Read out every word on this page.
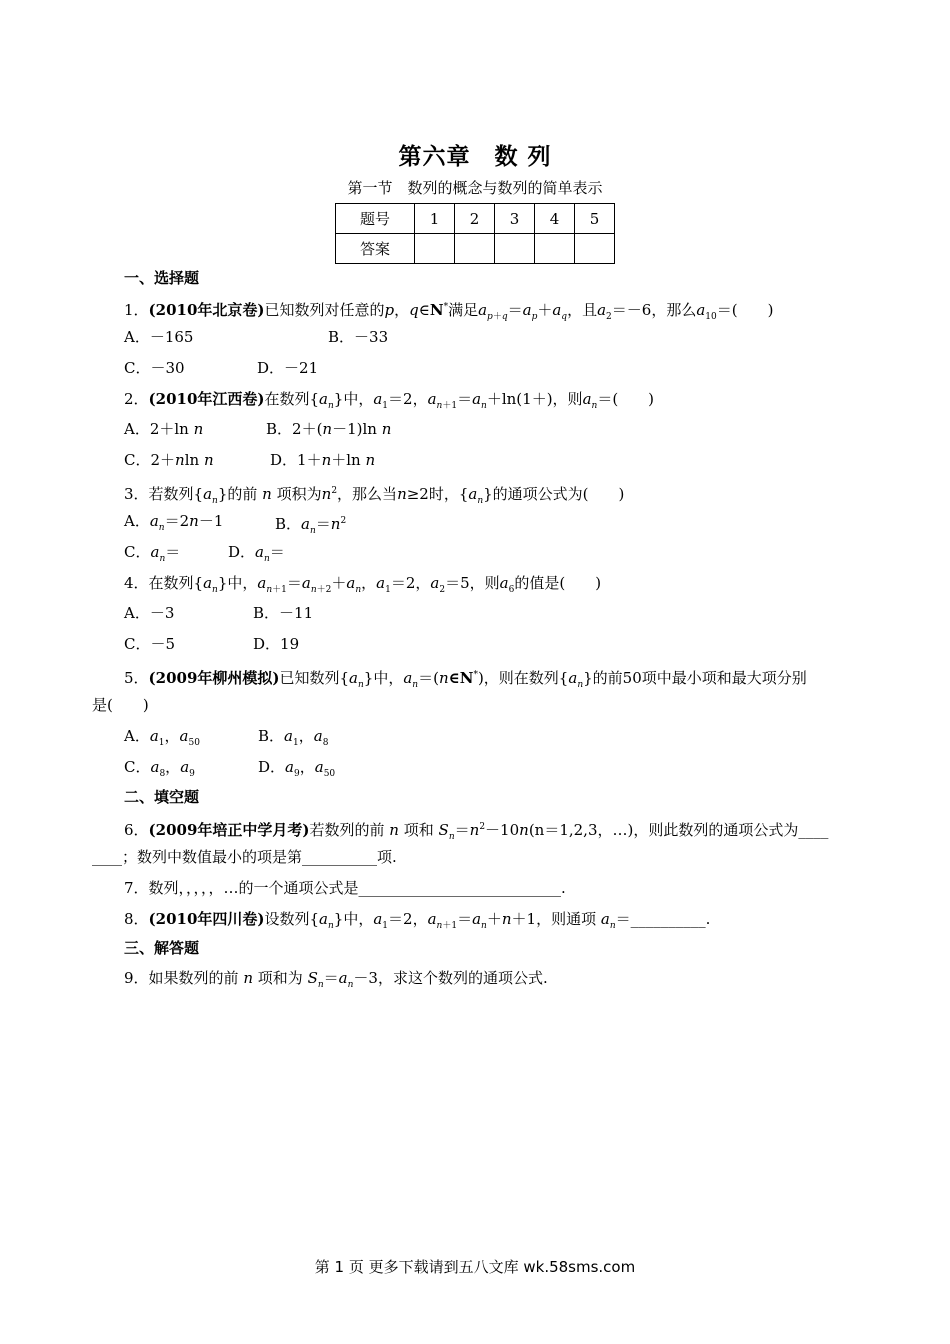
第六章　数 列
第一节　数列的概念与数列的简单表示
题号	1	2	3	4	5
答案					
一、选择题
1．(2010年北京卷)已知数列对任意的p，q∈N*满足$a_{p+q}=a_p+a_q$，且$a_2=-6$，那么$a_{10}=$(　　)
A．－165	B．－33
C．－30	D．－21
2．(2010年江西卷)在数列$\{a_n\}$中，$a_1=2$，$a_{n+1}=a_n+\ln(1+)$，则$a_n=$(　　)
A．2＋ln n	B．2＋(n－1)ln n
C．2＋nln n	D．1＋n＋ln n
3．若数列$\{a_n\}$的前 n 项积为$n^2$，那么当n≥2时，$\{a_n\}$的通项公式为(　　)
A．$a_n=2n-1$	B．$a_n=n^2$
C．$a_n=$	D．$a_n=$
4．在数列$\{a_n\}$中，$a_{n+1}=a_{n+2}+a_n$，$a_1=2$，$a_2=5$，则$a_6$的值是(　　)
A．－3	B．－11
C．－5	D．19
5．(2009年柳州模拟)已知数列$\{a_n\}$中，$a_n=(n\in N^*)$，则在数列$\{a_n\}$的前50项中最小项和最大项分别
是(　　)
A．$a_1$，$a_{50}$	B．$a_1$，$a_8$
C．$a_8$，$a_9$	D．$a_9$，$a_{50}$
二、填空题
6．(2009年培正中学月考)若数列的前 n 项和 $S_n=n^2-10n(n=1,2,3$，…)，则此数列的通项公式为____
____；数列中数值最小的项是第__________项.
7．数列，，，，，…的一个通项公式是___________________________.
8．(2010年四川卷)设数列$\{a_n\}$中，$a_1=2$，$a_{n+1}=a_n+n+1$，则通项 $a_n=\_\_\_\_\_\_\_\_\_\_$.
三、解答题
9．如果数列的前 n 项和为 $S_n=a_n-3$，求这个数列的通项公式.
第 1 页 更多下载请到五八文库 wk.58sms.com
